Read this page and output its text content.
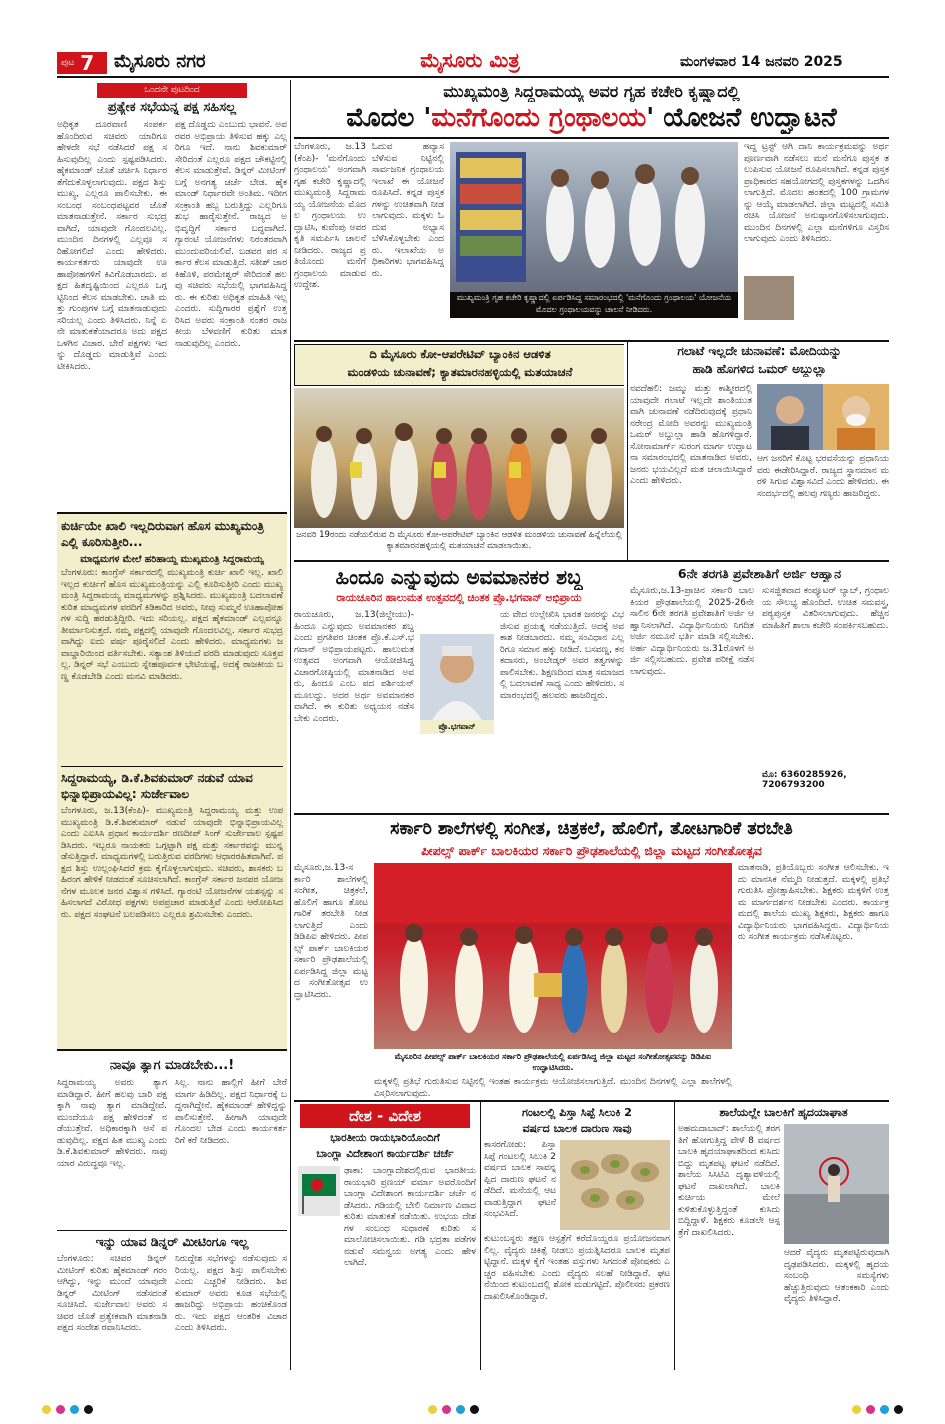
ಪುಟ 7 ಮೈಸೂರು ನಗರ	ಮೈಸೂರು ಮಿತ್ರ	ಮಂಗಳವಾರ 14 ಜನವರಿ 2025
ಒಂದನೇ ಪುಟದಿಂದ
ಪ್ರತ್ಯೇಕ ಸಭೆಯನ್ನ ಪಕ್ಷ ಸಹಿಸಲ್ಲ
ಅಧಿಕೃತ ದೂರವಾಣಿ ಸಂಪರ್ಕ ಹೊಂದಿರುವ ಸಚಿವರು ಯಾರಿಗೂ ಹೇಳದೇ ಸಭೆ ನಡೆಸಿದರೆ ಪಕ್ಷ ಸಹಿಸುವುದಿಲ್ಲ ಎಂದು ಸ್ಪಷ್ಟಪಡಿಸಿದರು. ಹೈಕಮಾಂಡ್ ಜೊತೆ ಚರ್ಚಿಸಿ ನಿರ್ಧಾರ ತೆಗೆದುಕೊಳ್ಳಲಾಗುವುದು. ಪಕ್ಷದ ಶಿಸ್ತು ಮುಖ್ಯ, ಎಲ್ಲರೂ ಪಾಲಿಸಬೇಕು. ಈ ಸಂಬಂಧ ಸಂಬಂಧಪಟ್ಟವರ ಜೊತೆ ಮಾತನಾಡುತ್ತೇನೆ. ಸರ್ಕಾರ ಸುಭದ್ರವಾಗಿದೆ, ಯಾವುದೇ ಗೊಂದಲವಿಲ್ಲ. ಮುಂದಿನ ದಿನಗಳಲ್ಲಿ ಎಲ್ಲವೂ ಸರಿಹೋಗಲಿದೆ ಎಂದು ಹೇಳಿದರು. ಕಾರ್ಯಕರ್ತರು ಯಾವುದೇ ಊಹಾಪೋಹಗಳಿಗೆ ಕಿವಿಗೊಡಬಾರದು. ಪಕ್ಷದ ಹಿತದೃಷ್ಟಿಯಿಂದ ಎಲ್ಲರೂ ಒಗ್ಗಟ್ಟಿನಿಂದ ಕೆಲಸ ಮಾಡಬೇಕು. ಜಾತಿ ಮತ್ತು ಗುಂಪುಗಳ ಬಗ್ಗೆ ಮಾತನಾಡುವುದು ಸರಿಯಲ್ಲ ಎಂದು ತಿಳಿಸಿದರು. ನಿನ್ನೆ ಏನೇ ಮಾತುಕತೆಯಾದರೂ ಅದು ಪಕ್ಷದ ಒಳಗಿನ ವಿಚಾರ. ಬೇರೆ ಪಕ್ಷಗಳು ಇದನ್ನು ದೊಡ್ಡದು ಮಾಡುತ್ತಿವೆ ಎಂದು ಟೀಕಿಸಿದರು.
ಪಕ್ಷ ದೊಡ್ಡದು ಎಂಬುದು ಭಾವನೆ. ಅವರವರ ಅಭಿಪ್ರಾಯ ತಿಳಿಸುವ ಹಕ್ಕು ಎಲ್ಲರಿಗೂ ಇದೆ. ನಾನು ಶಿವಕುಮಾರ್ ಸೇರಿದಂತೆ ಎಲ್ಲರೂ ಪಕ್ಷದ ಚೌಕಟ್ಟಿನಲ್ಲಿ ಕೆಲಸ ಮಾಡುತ್ತೇವೆ. ಡಿನ್ನರ್ ಮೀಟಿಂಗ್ ಬಗ್ಗೆ ಅನಗತ್ಯ ಚರ್ಚೆ ಬೇಡ. ಹೈಕಮಾಂಡ್ ನಿರ್ಧಾರವೇ ಅಂತಿಮ. ಇದೀಗ ಸಂಕ್ರಾಂತಿ ಹಬ್ಬ ಬರುತ್ತಿದ್ದು ಎಲ್ಲರಿಗೂ ಶುಭ ಹಾರೈಸುತ್ತೇನೆ. ರಾಜ್ಯದ ಅಭಿವೃದ್ಧಿಗೆ ಸರ್ಕಾರ ಬದ್ಧವಾಗಿದೆ. ಗ್ಯಾರಂಟಿ ಯೋಜನೆಗಳು ನಿರಂತರವಾಗಿ ಮುಂದುವರಿಯಲಿವೆ. ಬಡವರ ಪರ ಸರ್ಕಾರ ಕೆಲಸ ಮಾಡುತ್ತಿದೆ. ಸತೀಶ್ ಜಾರಕಿಹೊಳಿ, ಪರಮೇಶ್ವರ್ ಸೇರಿದಂತೆ ಹಲವು ಸಚಿವರು ಸಭೆಯಲ್ಲಿ ಭಾಗವಹಿಸಿದ್ದರು. ಈ ಕುರಿತು ಅಧಿಕೃತ ಮಾಹಿತಿ ಇಲ್ಲ ಎಂದರು. ಸುದ್ದಿಗಾರರ ಪ್ರಶ್ನೆಗೆ ಉತ್ತರಿಸಿದ ಅವರು ಸಂಕ್ರಾಂತಿ ನಂತರ ರಾಜಕೀಯ ಬೆಳವಣಿಗೆ ಕುರಿತು ಮಾತನಾಡುವುದಿಲ್ಲ ಎಂದರು.
ಕುರ್ಚಿಯೇ ಖಾಲಿ ಇಲ್ಲದಿರುವಾಗ ಹೊಸ ಮುಖ್ಯಮಂತ್ರಿ ಎಲ್ಲಿ ಕೂರಿಸುತ್ತೀರಿ...
ಮಾಧ್ಯಮಗಳ ಮೇಲೆ ಹರಿಹಾಯ್ದ ಮುಖ್ಯಮಂತ್ರಿ ಸಿದ್ದರಾಮಯ್ಯ
ಬೆಂಗಳೂರು: ಕಾಂಗ್ರೆಸ್ ಸರ್ಕಾರದಲ್ಲಿ ಮುಖ್ಯಮಂತ್ರಿ ಕುರ್ಚಿ ಖಾಲಿ ಇಲ್ಲ. ಖಾಲಿ ಇಲ್ಲದ ಕುರ್ಚಿಗೆ ಹೊಸ ಮುಖ್ಯಮಂತ್ರಿಯನ್ನು ಎಲ್ಲಿ ಕೂರಿಸುತ್ತೀರಿ ಎಂದು ಮುಖ್ಯಮಂತ್ರಿ ಸಿದ್ದರಾಮಯ್ಯ ಮಾಧ್ಯಮಗಳನ್ನು ಪ್ರಶ್ನಿಸಿದರು. ಮುಖ್ಯಮಂತ್ರಿ ಬದಲಾವಣೆ ಕುರಿತ ಮಾಧ್ಯಮಗಳ ವರದಿಗೆ ಕಿಡಿಕಾರಿದ ಅವರು, ನೀವು ಸುಮ್ಮನೆ ಊಹಾಪೋಹಗಳ ಸುದ್ದಿ ಹರಡುತ್ತಿದ್ದೀರಿ. ಇದು ಸರಿಯಲ್ಲ. ಪಕ್ಷದ ಹೈಕಮಾಂಡ್ ಎಲ್ಲವನ್ನೂ ತೀರ್ಮಾನಿಸುತ್ತದೆ. ನಮ್ಮ ಪಕ್ಷದಲ್ಲಿ ಯಾವುದೇ ಗೊಂದಲವಿಲ್ಲ. ಸರ್ಕಾರ ಸುಭದ್ರವಾಗಿದ್ದು ಐದು ವರ್ಷ ಪೂರೈಸಲಿದೆ ಎಂದು ಹೇಳಿದರು. ಮಾಧ್ಯಮಗಳು ಜವಾಬ್ದಾರಿಯಿಂದ ವರ್ತಿಸಬೇಕು. ಸತ್ಯಾಂಶ ತಿಳಿಯದೆ ವರದಿ ಮಾಡುವುದು ಸೂಕ್ತವಲ್ಲ. ಡಿನ್ನರ್ ಸಭೆ ಎಂಬುದು ಸ್ನೇಹಪೂರ್ವಕ ಭೇಟಿಯಷ್ಟೆ, ಅದಕ್ಕೆ ರಾಜಕೀಯ ಬಣ್ಣ ಕೊಡಬೇಡಿ ಎಂದು ಮನವಿ ಮಾಡಿದರು.
ಸಿದ್ದರಾಮಯ್ಯ, ಡಿ.ಕೆ.ಶಿವಕುಮಾರ್ ನಡುವೆ ಯಾವ ಭಿನ್ನಾಭಿಪ್ರಾಯವಿಲ್ಲ: ಸುರ್ಜೇವಾಲ
ಬೆಂಗಳೂರು, ಜ.13(ಕೆಂಪಿ)- ಮುಖ್ಯಮಂತ್ರಿ ಸಿದ್ದರಾಮಯ್ಯ ಮತ್ತು ಉಪ ಮುಖ್ಯಮಂತ್ರಿ ಡಿ.ಕೆ.ಶಿವಕುಮಾರ್ ನಡುವೆ ಯಾವುದೇ ಭಿನ್ನಾಭಿಪ್ರಾಯವಿಲ್ಲ ಎಂದು ಎಐಸಿಸಿ ಪ್ರಧಾನ ಕಾರ್ಯದರ್ಶಿ ರಣದೀಪ್ ಸಿಂಗ್ ಸುರ್ಜೇವಾಲ ಸ್ಪಷ್ಟಪಡಿಸಿದರು. ಇಬ್ಬರೂ ನಾಯಕರು ಒಗ್ಗಟ್ಟಾಗಿ ಪಕ್ಷ ಮತ್ತು ಸರ್ಕಾರವನ್ನು ಮುನ್ನಡೆಸುತ್ತಿದ್ದಾರೆ. ಮಾಧ್ಯಮಗಳಲ್ಲಿ ಬರುತ್ತಿರುವ ವರದಿಗಳು ಆಧಾರರಹಿತವಾಗಿವೆ. ಪಕ್ಷದ ಶಿಸ್ತು ಉಲ್ಲಂಘಿಸಿದರೆ ಕ್ರಮ ಕೈಗೊಳ್ಳಲಾಗುವುದು. ಸಚಿವರು, ಶಾಸಕರು ಬಹಿರಂಗ ಹೇಳಿಕೆ ನೀಡದಂತೆ ಸೂಚಿಸಲಾಗಿದೆ. ಕಾಂಗ್ರೆಸ್ ಸರ್ಕಾರ ಜನಪರ ಯೋಜನೆಗಳ ಮೂಲಕ ಜನರ ವಿಶ್ವಾಸ ಗಳಿಸಿದೆ. ಗ್ಯಾರಂಟಿ ಯೋಜನೆಗಳ ಯಶಸ್ಸನ್ನು ಸಹಿಸಲಾಗದೆ ವಿರೋಧ ಪಕ್ಷಗಳು ಅಪಪ್ರಚಾರ ಮಾಡುತ್ತಿವೆ ಎಂದು ಆರೋಪಿಸಿದರು. ಪಕ್ಷದ ಸಂಘಟನೆ ಬಲಪಡಿಸಲು ಎಲ್ಲರೂ ಶ್ರಮಿಸಬೇಕು ಎಂದರು.
ನಾವೂ ತ್ಯಾಗ ಮಾಡಬೇಕು...!
ಸಿದ್ದರಾಮಯ್ಯ ಅವರು ತ್ಯಾಗ ಮಾಡಿದ್ದಾರೆ. ಹೀಗೆ ಹಲವು ಬಾರಿ ಪಕ್ಷಕ್ಕಾಗಿ ನಾವು ತ್ಯಾಗ ಮಾಡಿದ್ದೇವೆ. ಮುಂದೆಯೂ ಪಕ್ಷ ಹೇಳಿದಂತೆ ನಡೆಯುತ್ತೇವೆ. ಅಧಿಕಾರಕ್ಕಾಗಿ ಆಸೆ ಪಡುವುದಿಲ್ಲ. ಪಕ್ಷದ ಹಿತ ಮುಖ್ಯ ಎಂದು ಡಿ.ಕೆ.ಶಿವಕುಮಾರ್ ಹೇಳಿದರು. ನಾವು ಯಾರ ವಿರುದ್ಧವೂ ಇಲ್ಲ.
ಸಿಲ್ಲ. ನಾನು ಹಾಲ್ಲಿಗೆ ಹೀಗೆ ಬೇರೆ ಮಾರ್ಗ ಹಿಡಿದಿಲ್ಲ. ಪಕ್ಷದ ನಿರ್ಧಾರಕ್ಕೆ ಬದ್ಧನಾಗಿದ್ದೇನೆ. ಹೈಕಮಾಂಡ್ ಹೇಳಿದ್ದನ್ನು ಪಾಲಿಸುತ್ತೇನೆ. ಹೀಗಾಗಿ ಯಾವುದೇ ಗೊಂದಲ ಬೇಡ ಎಂದು ಕಾರ್ಯಕರ್ತರಿಗೆ ಕರೆ ನೀಡಿದರು.
ಇನ್ನು ಯಾವ ಡಿನ್ನರ್ ಮೀಟಿಂಗೂ ಇಲ್ಲ
ಬೆಂಗಳೂರು: ಸಚಿವರ ಡಿನ್ನರ್ ಮೀಟಿಂಗ್ ಕುರಿತು ಹೈಕಮಾಂಡ್ ಗರಂ ಆಗಿದ್ದು, ಇನ್ನು ಮುಂದೆ ಯಾವುದೇ ಡಿನ್ನರ್ ಮೀಟಿಂಗ್ ನಡೆಸದಂತೆ ಸೂಚಿಸಿದೆ. ಸುರ್ಜೇವಾಲ ಅವರು ಸಚಿವರ ಜೊತೆ ಪ್ರತ್ಯೇಕವಾಗಿ ಮಾತನಾಡಿ ಪಕ್ಷದ ಸಂದೇಶ ರವಾನಿಸಿದರು.
ನಿರುದ್ದೇಶ ಸಭೆಗಳನ್ನು ನಡೆಸುವುದು ಸರಿಯಲ್ಲ. ಪಕ್ಷದ ಶಿಸ್ತು ಪಾಲಿಸಬೇಕು ಎಂದು ಎಚ್ಚರಿಕೆ ನೀಡಿದರು. ಶಿವಕುಮಾರ್ ಅವರು ಕೂಡ ಸಭೆಯಲ್ಲಿ ಹಾಜರಿದ್ದು ಅಭಿಪ್ರಾಯ ಹಂಚಿಕೊಂಡರು. ಇದು ಪಕ್ಷದ ಆಂತರಿಕ ವಿಚಾರ ಎಂದು ತಿಳಿಸಿದರು.
ಮುಖ್ಯಮಂತ್ರಿ ಸಿದ್ದರಾಮಯ್ಯ ಅವರ ಗೃಹ ಕಚೇರಿ ಕೃಷ್ಣಾದಲ್ಲಿ
ಮೊದಲ 'ಮನೆಗೊಂದು ಗ್ರಂಥಾಲಯ' ಯೋಜನೆ ಉದ್ಘಾಟನೆ
ಬೆಂಗಳೂರು, ಜ.13(ಕೆಂಪಿ)- 'ಮನೆಗೊಂದು ಗ್ರಂಥಾಲಯ' ಅಂಗವಾಗಿ ಗೃಹ ಕಚೇರಿ ಕೃಷ್ಣಾದಲ್ಲಿ ಮುಖ್ಯಮಂತ್ರಿ ಸಿದ್ದರಾಮಯ್ಯ ಯೋಜನೆಯ ಮೊದಲ ಗ್ರಂಥಾಲಯ ಉದ್ಘಾಟಿಸಿ, ಕುವೆಂಪು ಅವರ ಕೃತಿ ಸಮರ್ಪಿಸಿ ಚಾಲನೆ ನೀಡಿದರು. ರಾಜ್ಯದ ಪ್ರತಿಯೊಂದು ಮನೆಗೆ ಗ್ರಂಥಾಲಯ ಮಾಡುವ ಉದ್ದೇಶ.
ಓದುವ ಹವ್ಯಾಸ ಬೆಳೆಸುವ ನಿಟ್ಟಿನಲ್ಲಿ ಸಾರ್ವಜನಿಕ ಗ್ರಂಥಾಲಯ ಇಲಾಖೆ ಈ ಯೋಜನೆ ರೂಪಿಸಿದೆ. ಕನ್ನಡ ಪುಸ್ತಕಗಳನ್ನು ಉಚಿತವಾಗಿ ನೀಡಲಾಗುವುದು. ಮಕ್ಕಳು ಓದುವ ಅಭ್ಯಾಸ ಬೆಳೆಸಿಕೊಳ್ಳಬೇಕು ಎಂದರು. ಇಲಾಖೆಯ ಅಧಿಕಾರಿಗಳು ಭಾಗವಹಿಸಿದ್ದರು.
ಮುಖ್ಯಮಂತ್ರಿ ಗೃಹ ಕಚೇರಿ ಕೃಷ್ಣಾದಲ್ಲಿ ಏರ್ಪಡಿಸಿದ್ದ ಸಮಾರಂಭದಲ್ಲಿ 'ಮನೆಗೊಂದು ಗ್ರಂಥಾಲಯ' ಯೋಜನೆಯ ಮೊದಲ ಗ್ರಂಥಾಲಯವನ್ನು ಚಾಲನೆ ನೀಡಿದರು.
ಇದ್ದ ಟ್ರಸ್ಟ್ ಆಗಿ ದಾನಿ ಕಾರ್ಯಕ್ರಮವನ್ನು ಅರ್ಥಪೂರ್ಣವಾಗಿ ನಡೆಸಲು ಮನೆ ಮನೆಗೂ ಪುಸ್ತಕ ತಲುಪಿಸುವ ಯೋಜನೆ ರೂಪಿಸಲಾಗಿದೆ. ಕನ್ನಡ ಪುಸ್ತಕ ಪ್ರಾಧಿಕಾರದ ಸಹಯೋಗದಲ್ಲಿ ಪುಸ್ತಕಗಳನ್ನು ಒದಗಿಸಲಾಗುತ್ತಿದೆ. ಮೊದಲ ಹಂತದಲ್ಲಿ 100 ಗ್ರಾಮಗಳನ್ನು ಆಯ್ಕೆ ಮಾಡಲಾಗಿದೆ. ಜಿಲ್ಲಾ ಮಟ್ಟದಲ್ಲಿ ಸಮಿತಿ ರಚಿಸಿ ಯೋಜನೆ ಅನುಷ್ಠಾನಗೊಳಿಸಲಾಗುವುದು. ಮುಂದಿನ ದಿನಗಳಲ್ಲಿ ಎಲ್ಲಾ ಮನೆಗಳಿಗೂ ವಿಸ್ತರಿಸಲಾಗುವುದು ಎಂದು ತಿಳಿಸಿದರು.
ದಿ ಮೈಸೂರು ಕೋ-ಆಪರೇಟಿವ್ ಬ್ಯಾಂಕಿನ ಆಡಳಿತ
ಮಂಡಳಿಯ ಚುನಾವಣೆ; ಕ್ಯಾತಮಾರನಹಳ್ಳಿಯಲ್ಲಿ ಮತಯಾಚನೆ
ಜನವರಿ 19ರಂದು ನಡೆಯಲಿರುವ ದಿ ಮೈಸೂರು ಕೋ-ಆಪರೇಟಿವ್ ಬ್ಯಾಂಕಿನ ಆಡಳಿತ ಮಂಡಳಿಯ ಚುನಾವಣೆ ಹಿನ್ನೆಲೆಯಲ್ಲಿ ಕ್ಯಾತಮಾರನಹಳ್ಳಿಯಲ್ಲಿ ಮತಯಾಚನೆ ಮಾಡಲಾಯಿತು.
ಗಲಾಟೆ ಇಲ್ಲದೇ ಚುನಾವಣೆ: ಮೋದಿಯನ್ನು
ಹಾಡಿ ಹೊಗಳಿದ ಒಮರ್ ಅಬ್ದುಲ್ಲಾ
ನವದೆಹಲಿ: ಜಮ್ಮು ಮತ್ತು ಕಾಶ್ಮೀರದಲ್ಲಿ ಯಾವುದೇ ಗಲಾಟೆ ಇಲ್ಲದೇ ಶಾಂತಿಯುತವಾಗಿ ಚುನಾವಣೆ ನಡೆದಿರುವುದಕ್ಕೆ ಪ್ರಧಾನಿ ನರೇಂದ್ರ ಮೋದಿ ಅವರನ್ನು ಮುಖ್ಯಮಂತ್ರಿ ಒಮರ್ ಅಬ್ದುಲ್ಲಾ ಹಾಡಿ ಹೊಗಳಿದ್ದಾರೆ. ಸೋನಾಮಾರ್ಗ್ ಸುರಂಗ ಮಾರ್ಗ ಉದ್ಘಾಟನಾ ಸಮಾರಂಭದಲ್ಲಿ ಮಾತನಾಡಿದ ಅವರು, ಜನರು ಭಯವಿಲ್ಲದೆ ಮತ ಚಲಾಯಿಸಿದ್ದಾರೆ ಎಂದು ಹೇಳಿದರು.
ಆಗ ಜನರಿಗೆ ಕೊಟ್ಟ ಭರವಸೆಯನ್ನು ಪ್ರಧಾನಿಯವರು ಈಡೇರಿಸಿದ್ದಾರೆ. ರಾಜ್ಯದ ಸ್ಥಾನಮಾನ ಮರಳಿ ಸಿಗುವ ವಿಶ್ವಾಸವಿದೆ ಎಂದು ಹೇಳಿದರು. ಈ ಸಂದರ್ಭದಲ್ಲಿ ಹಲವು ಗಣ್ಯರು ಹಾಜರಿದ್ದರು.
ಹಿಂದೂ ಎನ್ನುವುದು ಅವಮಾನಕರ ಶಬ್ದ
ರಾಯಚೂರಿನ ಹಾಲುಮತ ಉತ್ಸವದಲ್ಲಿ ಚಿಂತಕ ಪ್ರೊ.ಭಗವಾನ್ ಅಭಿಪ್ರಾಯ
ರಾಯಚೂರು, ಜ.13(ಜಿಲ್ದೇಯು)- ಹಿಂದೂ ಎನ್ನುವುದು ಅವಮಾನಕರ ಶಬ್ದ ಎಂದು ಪ್ರಗತಿಪರ ಚಿಂತಕ ಪ್ರೊ.ಕೆ.ಎಸ್.ಭಗವಾನ್ ಅಭಿಪ್ರಾಯಪಟ್ಟರು. ಹಾಲುಮತ ಉತ್ಸವದ ಅಂಗವಾಗಿ ಆಯೋಜಿಸಿದ್ದ ವಿಚಾರಗೋಷ್ಠಿಯಲ್ಲಿ ಮಾತನಾಡಿದ ಅವರು, ಹಿಂದೂ ಎಂಬ ಪದ ಪರ್ಶಿಯನ್ ಮೂಲದ್ದು. ಅದರ ಅರ್ಥ ಅವಮಾನಕರವಾಗಿದೆ. ಈ ಕುರಿತು ಅಧ್ಯಯನ ನಡೆಸಬೇಕು ಎಂದರು.
ಪ್ರೊ.ಭಗವಾನ್
ಯ ವೇದ ಉಲ್ಲೇಖಿಸಿ ಭಾರತ ಜನರನ್ನು ವಿಭಜಿಸುವ ಪ್ರಯತ್ನ ನಡೆಯುತ್ತಿದೆ. ಅದಕ್ಕೆ ಅವಕಾಶ ನೀಡಬಾರದು. ನಮ್ಮ ಸಂವಿಧಾನ ಎಲ್ಲರಿಗೂ ಸಮಾನ ಹಕ್ಕು ನೀಡಿದೆ. ಬಸವಣ್ಣ, ಕನಕದಾಸರು, ಅಂಬೇಡ್ಕರ್ ಅವರ ತತ್ವಗಳನ್ನು ಪಾಲಿಸಬೇಕು. ಶಿಕ್ಷಣದಿಂದ ಮಾತ್ರ ಸಮಾಜದಲ್ಲಿ ಬದಲಾವಣೆ ಸಾಧ್ಯ ಎಂದು ಹೇಳಿದರು. ಸಮಾರಂಭದಲ್ಲಿ ಹಲವರು ಹಾಜರಿದ್ದರು.
6ನೇ ತರಗತಿ ಪ್ರವೇಶಾತಿಗೆ ಅರ್ಜಿ ಆಹ್ವಾನ
ಮೈಸೂರು,ಜ.13-ಪ್ರಾಚಿನ ಸರ್ಕಾರಿ ಬಾಲಕಿಯರ ಪ್ರೌಢಶಾಲೆಯಲ್ಲಿ 2025-26ನೇ ಸಾಲಿನ 6ನೇ ತರಗತಿ ಪ್ರವೇಶಾತಿಗೆ ಅರ್ಜಿ ಆಹ್ವಾನಿಸಲಾಗಿದೆ. ವಿದ್ಯಾರ್ಥಿನಿಯರು ನಿಗದಿತ ಅರ್ಜಿ ನಮೂನೆ ಭರ್ತಿ ಮಾಡಿ ಸಲ್ಲಿಸಬೇಕು. ಅರ್ಹ ವಿದ್ಯಾರ್ಥಿನಿಯರು ಜ.31ರೊಳಗೆ ಅರ್ಜಿ ಸಲ್ಲಿಸಬಹುದು. ಪ್ರವೇಶ ಪರೀಕ್ಷೆ ನಡೆಸಲಾಗುವುದು.
ಸುಸಜ್ಜಿತವಾದ ಕಂಪ್ಯೂಟರ್ ಲ್ಯಾಬ್, ಗ್ರಂಥಾಲಯ ಸೌಲಭ್ಯ ಹೊಂದಿದೆ. ಉಚಿತ ಸಮವಸ್ತ್ರ, ಪಠ್ಯಪುಸ್ತಕ ವಿತರಿಸಲಾಗುವುದು. ಹೆಚ್ಚಿನ ಮಾಹಿತಿಗೆ ಶಾಲಾ ಕಚೇರಿ ಸಂಪರ್ಕಿಸಬಹುದು.
ಮೊ: 6360285926, 7206793200
ಸರ್ಕಾರಿ ಶಾಲೆಗಳಲ್ಲಿ ಸಂಗೀತ, ಚಿತ್ರಕಲೆ, ಹೊಲಿಗೆ, ತೋಟಗಾರಿಕೆ ತರಬೇತಿ
ಪೀಪಲ್ಸ್ ಪಾರ್ಕ್ ಬಾಲಕಿಯರ ಸರ್ಕಾರಿ ಪ್ರೌಢಶಾಲೆಯಲ್ಲಿ ಜಿಲ್ಲಾ ಮಟ್ಟದ ಸಂಗೀತೋತ್ಸವ
ಮೈಸೂರು,ಜ.13-ಸರ್ಕಾರಿ ಶಾಲೆಗಳಲ್ಲಿ ಸಂಗೀತ, ಚಿತ್ರಕಲೆ, ಹೊಲಿಗೆ ಹಾಗೂ ತೋಟಗಾರಿಕೆ ತರಬೇತಿ ನೀಡಲಾಗುತ್ತಿದೆ ಎಂದು ಡಿಡಿಪಿಐ ಹೇಳಿದರು. ಪೀಪಲ್ಸ್ ಪಾರ್ಕ್ ಬಾಲಕಿಯರ ಸರ್ಕಾರಿ ಪ್ರೌಢಶಾಲೆಯಲ್ಲಿ ಏರ್ಪಡಿಸಿದ್ದ ಜಿಲ್ಲಾ ಮಟ್ಟದ ಸಂಗೀತೋತ್ಸವ ಉದ್ಘಾಟಿಸಿದರು.
ಮೈಸೂರಿನ ಪೀಪಲ್ಸ್ ಪಾರ್ಕ್ ಬಾಲಕಿಯರ ಸರ್ಕಾರಿ ಪ್ರೌಢಶಾಲೆಯಲ್ಲಿ ಏರ್ಪಡಿಸಿದ್ದ ಜಿಲ್ಲಾ ಮಟ್ಟದ ಸಂಗೀತೋತ್ಸವವನ್ನು ಡಿಡಿಪಿಐ ಉದ್ಘಾಟಿಸಿದರು.
ಮಾತನಾಡಿ, ಪ್ರತಿಯೊಬ್ಬರು ಸಂಗೀತ ಆಲಿಸಬೇಕು. ಇದು ಮಾನಸಿಕ ನೆಮ್ಮದಿ ನೀಡುತ್ತದೆ. ಮಕ್ಕಳಲ್ಲಿ ಪ್ರತಿಭೆ ಗುರುತಿಸಿ ಪ್ರೋತ್ಸಾಹಿಸಬೇಕು. ಶಿಕ್ಷಕರು ಮಕ್ಕಳಿಗೆ ಉತ್ತಮ ಮಾರ್ಗದರ್ಶನ ನೀಡಬೇಕು ಎಂದರು. ಕಾರ್ಯಕ್ರಮದಲ್ಲಿ ಶಾಲೆಯ ಮುಖ್ಯ ಶಿಕ್ಷಕರು, ಶಿಕ್ಷಕರು ಹಾಗೂ ವಿದ್ಯಾರ್ಥಿನಿಯರು ಭಾಗವಹಿಸಿದ್ದರು. ವಿದ್ಯಾರ್ಥಿನಿಯರು ಸಂಗೀತ ಕಾರ್ಯಕ್ರಮ ನಡೆಸಿಕೊಟ್ಟರು.
ಮಕ್ಕಳಲ್ಲಿ ಪ್ರತಿಭೆ ಗುರುತಿಸುವ ನಿಟ್ಟಿನಲ್ಲಿ ಇಂತಹ ಕಾರ್ಯಕ್ರಮ ಆಯೋಜಿಸಲಾಗುತ್ತಿದೆ. ಮುಂದಿನ ದಿನಗಳಲ್ಲಿ ಎಲ್ಲಾ ಶಾಲೆಗಳಲ್ಲಿ ವಿಸ್ತರಿಸಲಾಗುವುದು.
ದೇಶ - ವಿದೇಶ
ಭಾರತೀಯ ರಾಯಭಾರಿಯೊಂದಿಗೆ
ಬಾಂಗ್ಲಾ ವಿದೇಶಾಂಗ ಕಾರ್ಯದರ್ಶಿ ಚರ್ಚೆ
ಢಾಕಾ: ಬಾಂಗ್ಲಾದೇಶದಲ್ಲಿರುವ ಭಾರತೀಯ ರಾಯಭಾರಿ ಪ್ರಣಯ್ ವರ್ಮಾ ಅವರೊಂದಿಗೆ ಬಾಂಗ್ಲಾ ವಿದೇಶಾಂಗ ಕಾರ್ಯದರ್ಶಿ ಚರ್ಚೆ ನಡೆಸಿದರು. ಗಡಿಯಲ್ಲಿ ಬೇಲಿ ನಿರ್ಮಾಣ ವಿವಾದ ಕುರಿತು ಮಾತುಕತೆ ನಡೆಯಿತು. ಉಭಯ ದೇಶಗಳ ಸಂಬಂಧ ಸುಧಾರಣೆ ಕುರಿತು ಸಮಾಲೋಚಿಸಲಾಯಿತು. ಗಡಿ ಭದ್ರತಾ ಪಡೆಗಳ ನಡುವೆ ಸಮನ್ವಯ ಅಗತ್ಯ ಎಂದು ಹೇಳಲಾಗಿದೆ.
ಗಂಟಲಲ್ಲಿ ಪಿಸ್ತಾ ಸಿಪ್ಪೆ ಸಿಲುಕಿ 2
ವರ್ಷದ ಬಾಲಕ ದಾರುಣ ಸಾವು
ಕಾಸರಗೋಡು: ಪಿಸ್ತಾ ಸಿಪ್ಪೆ ಗಂಟಲಲ್ಲಿ ಸಿಲುಕಿ 2 ವರ್ಷದ ಬಾಲಕ ಸಾವನ್ನಪ್ಪಿದ ದಾರುಣ ಘಟನೆ ನಡೆದಿದೆ. ಮನೆಯಲ್ಲಿ ಆಟವಾಡುತ್ತಿದ್ದಾಗ ಘಟನೆ ಸಂಭವಿಸಿದೆ.
ಕುಟುಂಬಸ್ಥರು ತಕ್ಷಣ ಆಸ್ಪತ್ರೆಗೆ ಕರೆದೊಯ್ದರೂ ಪ್ರಯೋಜನವಾಗಲಿಲ್ಲ. ವೈದ್ಯರು ಚಿಕಿತ್ಸೆ ನೀಡಲು ಪ್ರಯತ್ನಿಸಿದರೂ ಬಾಲಕ ಮೃತಪಟ್ಟಿದ್ದಾನೆ. ಮಕ್ಕಳ ಕೈಗೆ ಇಂತಹ ವಸ್ತುಗಳು ಸಿಗದಂತೆ ಪೋಷಕರು ಎಚ್ಚರ ವಹಿಸಬೇಕು ಎಂದು ವೈದ್ಯರು ಸಲಹೆ ನೀಡಿದ್ದಾರೆ. ಘಟನೆಯಿಂದ ಕುಟುಂಬದಲ್ಲಿ ಶೋಕ ಮಡುಗಟ್ಟಿದೆ. ಪೊಲೀಸರು ಪ್ರಕರಣ ದಾಖಲಿಸಿಕೊಂಡಿದ್ದಾರೆ.
ಶಾಲೆಯಲ್ಲೇ ಬಾಲಕಿಗೆ ಹೃದಯಾಘಾತ
ಅಹಮದಾಬಾದ್: ಶಾಲೆಯಲ್ಲಿ ತರಗತಿಗೆ ಹೋಗುತ್ತಿದ್ದ ವೇಳೆ 8 ವರ್ಷದ ಬಾಲಕಿ ಹೃದಯಾಘಾತದಿಂದ ಕುಸಿದು ಬಿದ್ದು ಮೃತಪಟ್ಟ ಘಟನೆ ನಡೆದಿದೆ. ಶಾಲೆಯ ಸಿಸಿಟಿವಿ ದೃಶ್ಯಾವಳಿಯಲ್ಲಿ ಘಟನೆ ದಾಖಲಾಗಿದೆ. ಬಾಲಕಿ ಕುರ್ಚಿಯ ಮೇಲೆ ಕುಳಿತುಕೊಳ್ಳುತ್ತಿದ್ದಂತೆ ಕುಸಿದು ಬಿದ್ದಿದ್ದಾಳೆ. ಶಿಕ್ಷಕರು ಕೂಡಲೇ ಆಸ್ಪತ್ರೆಗೆ ದಾಖಲಿಸಿದರು.
ಆದರೆ ವೈದ್ಯರು ಮೃತಪಟ್ಟಿರುವುದಾಗಿ ದೃಢಪಡಿಸಿದರು. ಮಕ್ಕಳಲ್ಲಿ ಹೃದಯ ಸಂಬಂಧಿ ಸಮಸ್ಯೆಗಳು ಹೆಚ್ಚುತ್ತಿರುವುದು ಆತಂಕಕಾರಿ ಎಂದು ವೈದ್ಯರು ತಿಳಿಸಿದ್ದಾರೆ.
